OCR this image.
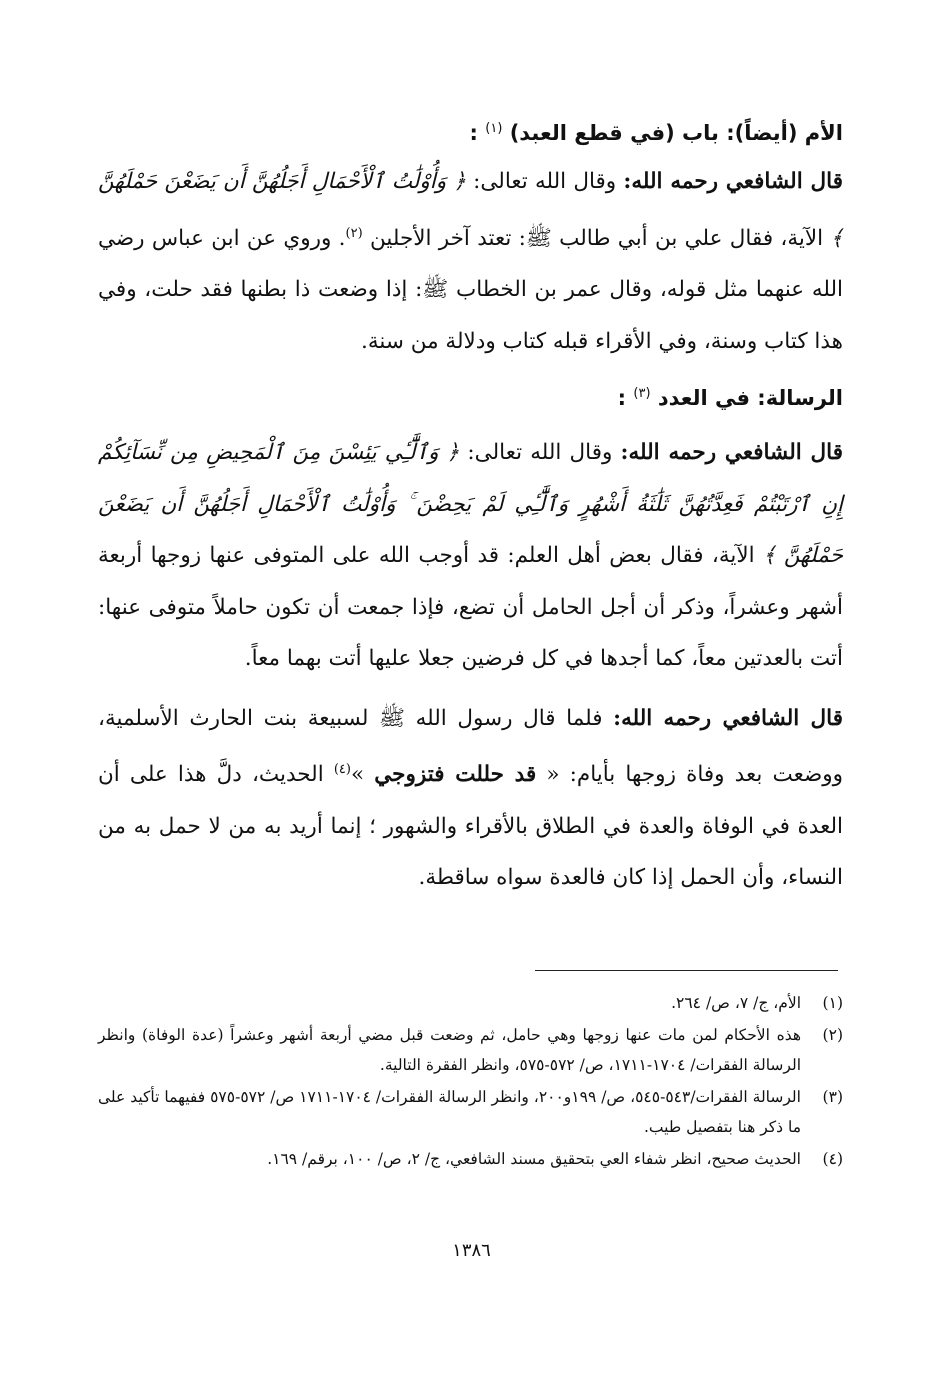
الأم (أيضاً): باب (في قطع العبد) $^{(١)}$ :

قال الشافعي رحمه الله: وقال الله تعالى: ﴿ وَأُوْلَٰتُ ٱلْأَحْمَالِ أَجَلُهُنَّ أَن يَضَعْنَ حَمْلَهُنَّ ﴾ الآية، فقال علي بن أبي طالب ﷺ: تعتد آخر الأجلين $^{(٢)}$. وروي عن ابن عباس رضي الله عنهما مثل قوله، وقال عمر بن الخطاب ﷺ: إذا وضعت ذا بطنها فقد حلت، وفي هذا كتاب وسنة، وفي الأقراء قبله كتاب ودلالة من سنة.

الرسالة: في العدد $^{(٣)}$ :

قال الشافعي رحمه الله: وقال الله تعالى: ﴿ وَٱلَّٰٓـِٔي يَئِسْنَ مِنَ ٱلْمَحِيضِ مِن نِّسَآئِكُمْ إِنِ ٱرْتَبْتُمْ فَعِدَّتُهُنَّ ثَلَٰثَةُ أَشْهُرٍ وَٱلَّٰٓـِٔي لَمْ يَحِضْنَ ۚ وَأُوْلَٰتُ ٱلْأَحْمَالِ أَجَلُهُنَّ أَن يَضَعْنَ حَمْلَهُنَّ ﴾ الآية، فقال بعض أهل العلم: قد أوجب الله على المتوفى عنها زوجها أربعة أشهر وعشراً، وذكر أن أجل الحامل أن تضع، فإذا جمعت أن تكون حاملاً متوفى عنها: أتت بالعدتين معاً، كما أجدها في كل فرضين جعلا عليها أتت بهما معاً.

قال الشافعي رحمه الله: فلما قال رسول الله ﷺ لسبيعة بنت الحارث الأسلمية، ووضعت بعد وفاة زوجها بأيام: « قد حللت فتزوجي »$^{(٤)}$ الحديث، دلَّ هذا على أن العدة في الوفاة والعدة في الطلاق بالأقراء والشهور ؛ إنما أريد به من لا حمل به من النساء، وأن الحمل إذا كان فالعدة سواه ساقطة.

(١)
الأم، ج/ ٧، ص/ ٢٦٤.
(٢)
هذه الأحكام لمن مات عنها زوجها وهي حامل، ثم وضعت قبل مضي أربعة أشهر وعشراً (عدة الوفاة) وانظر الرسالة الفقرات/ ١٧٠٤-١٧١١، ص/ ٥٧٢-٥٧٥، وانظر الفقرة التالية.
(٣)
الرسالة الفقرات/٥٤٣-٥٤٥، ص/ ١٩٩و٢٠٠، وانظر الرسالة الفقرات/ ١٧٠٤-١٧١١ ص/ ٥٧٢-٥٧٥ ففيهما تأكيد على ما ذكر هنا بتفصيل طيب.
(٤)
الحديث صحيح، انظر شفاء العي بتحقيق مسند الشافعي، ج/ ٢، ص/ ١٠٠، برقم/ ١٦٩.
١٣٨٦
